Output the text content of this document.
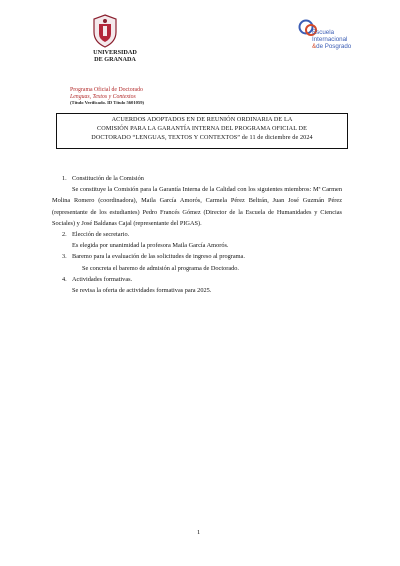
UNIVERSIDAD
DE GRANADA
Programa Oficial de Doctorado
Lenguas, Textos y Contextos
(Título Verificado. ID Título 5601059)
Escuela
Internacional
&de Posgrado
ACUERDOS ADOPTADOS EN DE REUNIÓN ORDINARIA DE LA
COMISIÓN PARA LA GARANTÍA INTERNA DEL PROGRAMA OFICIAL DE
DOCTORADO “LENGUAS, TEXTOS Y CONTEXTOS” de 11 de diciembre de 2024
1. Constitución de la Comisión
Se constituye la Comisión para la Garantía Interna de la Calidad con los siguientes miembros: Mª Carmen Molina Romero (coordinadora), Maila García Amorós, Carmela Pérez Beltrán, Juan José Guzmán Pérez (representante de los estudiantes) Pedro Francés Gómez (Director de la Escuela de Humanidades y Ciencias Sociales) y José Baldanas Cajal (representante del PIGAS).
2. Elección de secretario.
Es elegida por unanimidad la profesora Maila García Amorós.
3. Baremo para la evaluación de las solicitudes de ingreso al programa.
Se concreta el baremo de admisión al programa de Doctorado.
4. Actividades formativas.
Se revisa la oferta de actividades formativas para 2025.
1
